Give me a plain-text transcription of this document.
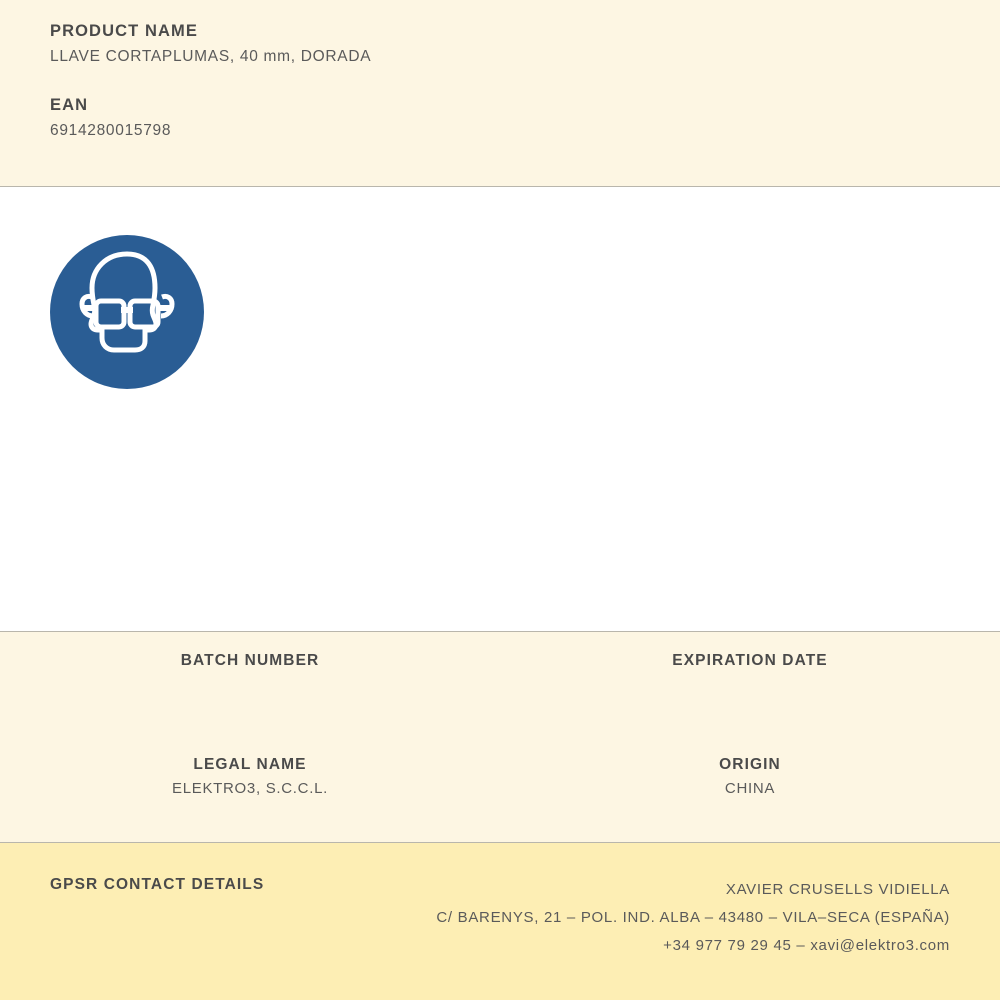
PRODUCT NAME

LLAVE CORTAPLUMAS, 40 mm, DORADA

EAN

6914280015798

BATCH NUMBER	EXPIRATION DATE

LEGAL NAME

ELEKTRO3, S.C.C.L.

ORIGIN

CHINA

GPSR CONTACT DETAILS	XAVIER CRUSELLS VIDIELLA
C/ BARENYS, 21 – POL. IND. ALBA – 43480 – VILA–SECA (ESPAÑA)
+34 977 79 29 45 – xavi@elektro3.com
